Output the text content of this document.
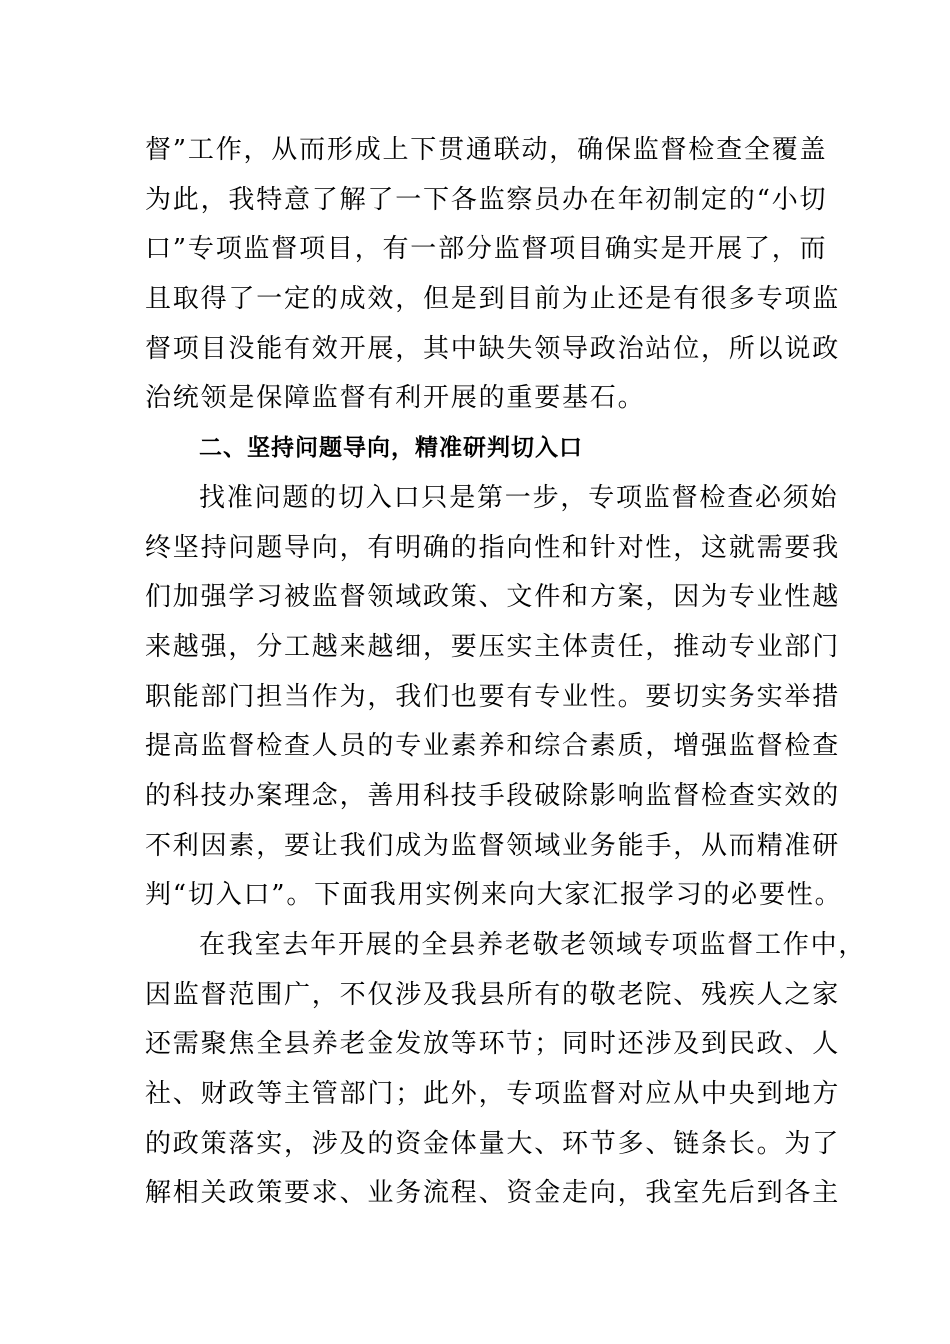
督”工作，从而形成上下贯通联动，确保监督检查全覆盖
为此，我特意了解了一下各监察员办在年初制定的“小切
口”专项监督项目，有一部分监督项目确实是开展了，而
且取得了一定的成效，但是到目前为止还是有很多专项监
督项目没能有效开展，其中缺失领导政治站位，所以说政
治统领是保障监督有利开展的重要基石。
二、坚持问题导向，精准研判切入口
找准问题的切入口只是第一步，专项监督检查必须始
终坚持问题导向，有明确的指向性和针对性，这就需要我
们加强学习被监督领域政策、文件和方案，因为专业性越
来越强，分工越来越细，要压实主体责任，推动专业部门
职能部门担当作为，我们也要有专业性。要切实务实举措
提高监督检查人员的专业素养和综合素质，增强监督检查
的科技办案理念，善用科技手段破除影响监督检查实效的
不利因素，要让我们成为监督领域业务能手，从而精准研
判“切入口”。下面我用实例来向大家汇报学习的必要性。
在我室去年开展的全县养老敬老领域专项监督工作中，
因监督范围广，不仅涉及我县所有的敬老院、残疾人之家
还需聚焦全县养老金发放等环节；同时还涉及到民政、人
社、财政等主管部门；此外，专项监督对应从中央到地方
的政策落实，涉及的资金体量大、环节多、链条长。为了
解相关政策要求、业务流程、资金走向，我室先后到各主
